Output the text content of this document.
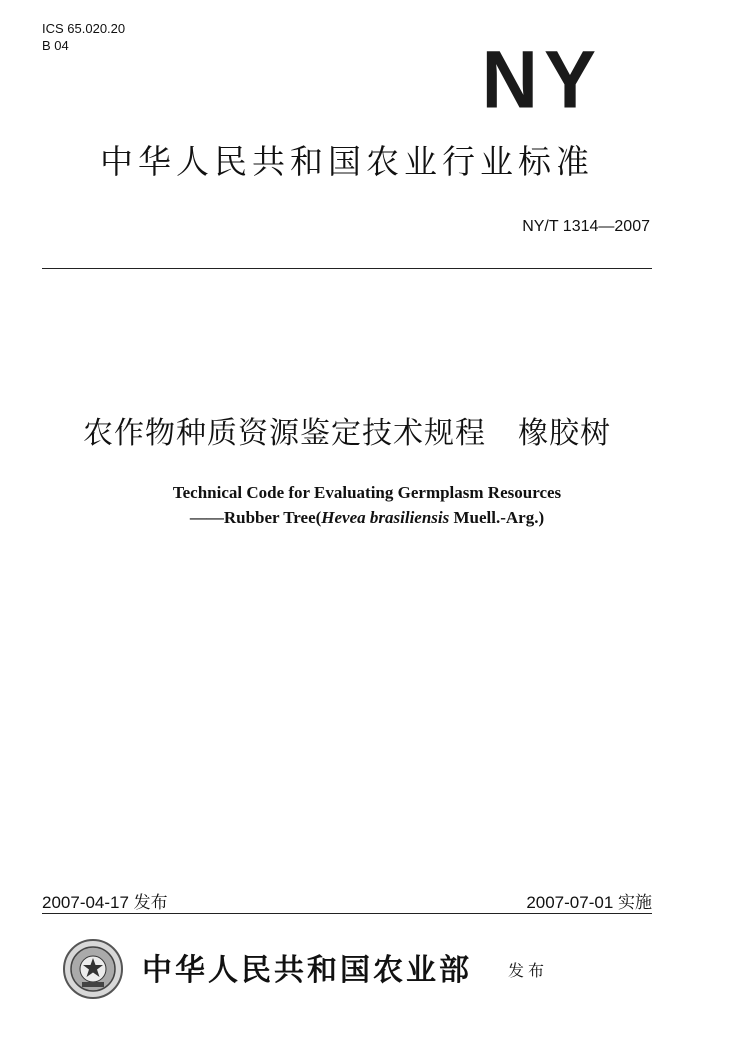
ICS 65.020.20
B 04	NY
中华人民共和国农业行业标准
NY/T 1314—2007
农作物种质资源鉴定技术规程 橡胶树
Technical Code for Evaluating Germplasm Resources
——Rubber Tree(Hevea brasiliensis Muell.-Arg.)
2007-04-17 发布	2007-07-01 实施
中华人民共和国农业部 发布
